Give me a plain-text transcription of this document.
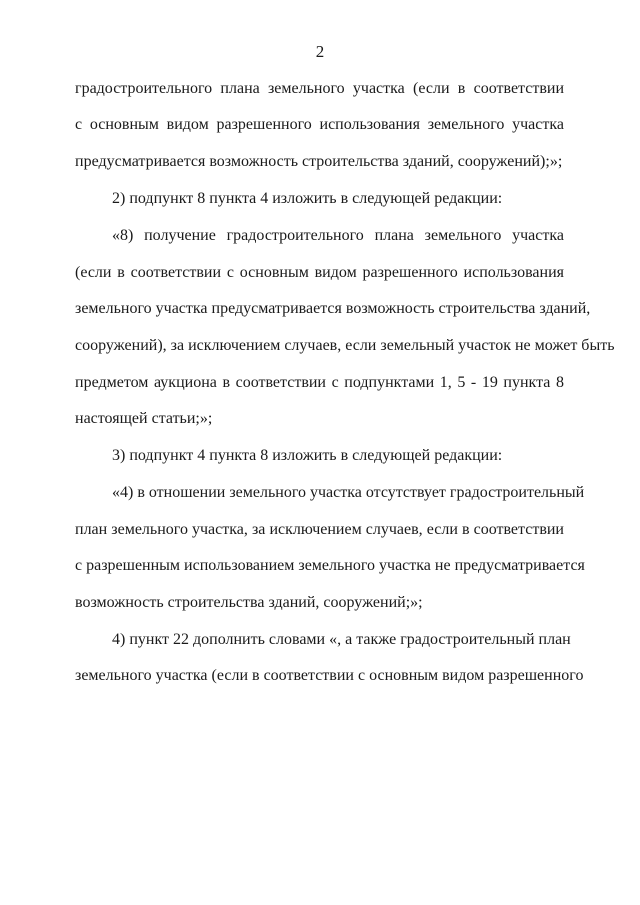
2
градостроительного плана земельного участка (если в соответствии
с основным видом разрешенного использования земельного участка
предусматривается возможность строительства зданий, сооружений);»;
2) подпункт 8 пункта 4 изложить в следующей редакции:
«8) получение градостроительного плана земельного участка
(если в соответствии с основным видом разрешенного использования
земельного участка предусматривается возможность строительства зданий,
сооружений), за исключением случаев, если земельный участок не может быть
предметом аукциона в соответствии с подпунктами 1, 5 - 19 пункта 8
настоящей статьи;»;
3) подпункт 4 пункта 8 изложить в следующей редакции:
«4) в отношении земельного участка отсутствует градостроительный
план земельного участка, за исключением случаев, если в соответствии
с разрешенным использованием земельного участка не предусматривается
возможность строительства зданий, сооружений;»;
4) пункт 22 дополнить словами «, а также градостроительный план
земельного участка (если в соответствии с основным видом разрешенного
